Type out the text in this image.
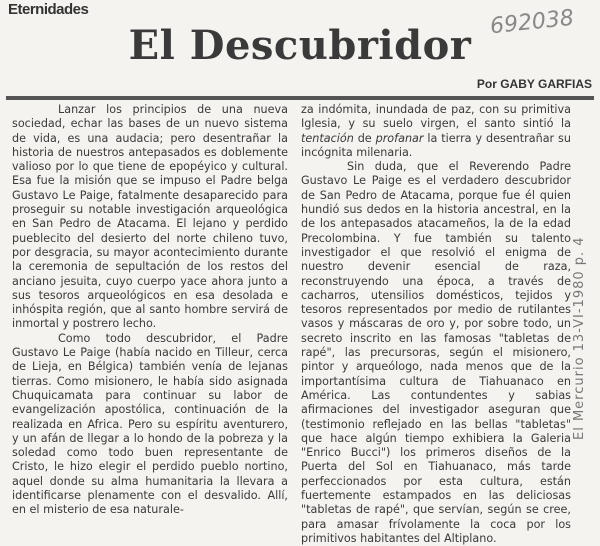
Eternidades
El Descubridor 692038
Por GABY GARFIAS

Lanzar los principios de una nueva sociedad, echar las bases de un nuevo sistema de vida, es una audacia; pero desentrañar la historia de nuestros antepasados es doblemente valioso por lo que tiene de epopéyico y cultural. Esa fue la misión que se impuso el Padre belga Gustavo Le Paige, fatalmente desaparecido para proseguir su notable investigación arqueológica en San Pedro de Atacama. El lejano y perdido pueblecito del desierto del norte chileno tuvo, por desgracia, su mayor acontecimiento durante la ceremonia de sepultación de los restos del anciano jesuita, cuyo cuerpo yace ahora junto a sus tesoros arqueológicos en esa desolada e inhóspita región, que al santo hombre servirá de inmortal y postrero lecho.

Como todo descubridor, el Padre Gustavo Le Paige (había nacido en Tilleur, cerca de Lieja, en Bélgica) también venía de lejanas tierras. Como misionero, le había sido asignada Chuquicamata para continuar su labor de evangelización apostólica, continuación de la realizada en Africa. Pero su espíritu aventurero, y un afán de llegar a lo hondo de la pobreza y la soledad como todo buen representante de Cristo, le hizo elegir el perdido pueblo nortino, aquel donde su alma humanitaria la llevara a identificarse plenamente con el desvalido. Allí, en el misterio de esa naturale-

za indómita, inundada de paz, con su primitiva Iglesia, y su suelo virgen, el santo sintió la tentación de profanar la tierra y desentrañar su incógnita milenaria.

Sin duda, que el Reverendo Padre Gustavo Le Paige es el verdadero descubridor de San Pedro de Atacama, porque fue él quien hundió sus dedos en la historia ancestral, en la de los antepasados atacameños, la de la edad Precolombina. Y fue también su talento investigador el que resolvió el enigma de nuestro devenir esencial de raza, reconstruyendo una época, a través de cacharros, utensilios domésticos, tejidos y tesoros representados por medio de rutilantes vasos y máscaras de oro y, por sobre todo, un secreto inscrito en las famosas "tabletas de rapé", las precursoras, según el misionero, pintor y arqueólogo, nada menos que de la importantísima cultura de Tiahuanaco en América. Las contundentes y sabias afirmaciones del investigador aseguran que (testimonio reflejado en las bellas "tabletas" que hace algún tiempo exhibiera la Galeria "Enrico Bucci") los primeros diseños de la Puerta del Sol en Tiahuanaco, más tarde perfeccionados por esta cultura, están fuertemente estampados en las deliciosas "tabletas de rapé", que servían, según se cree, para amasar frívolamente la coca por los primitivos habitantes del Altiplano.

El Mercurio 13-VI-1980 p. 4
